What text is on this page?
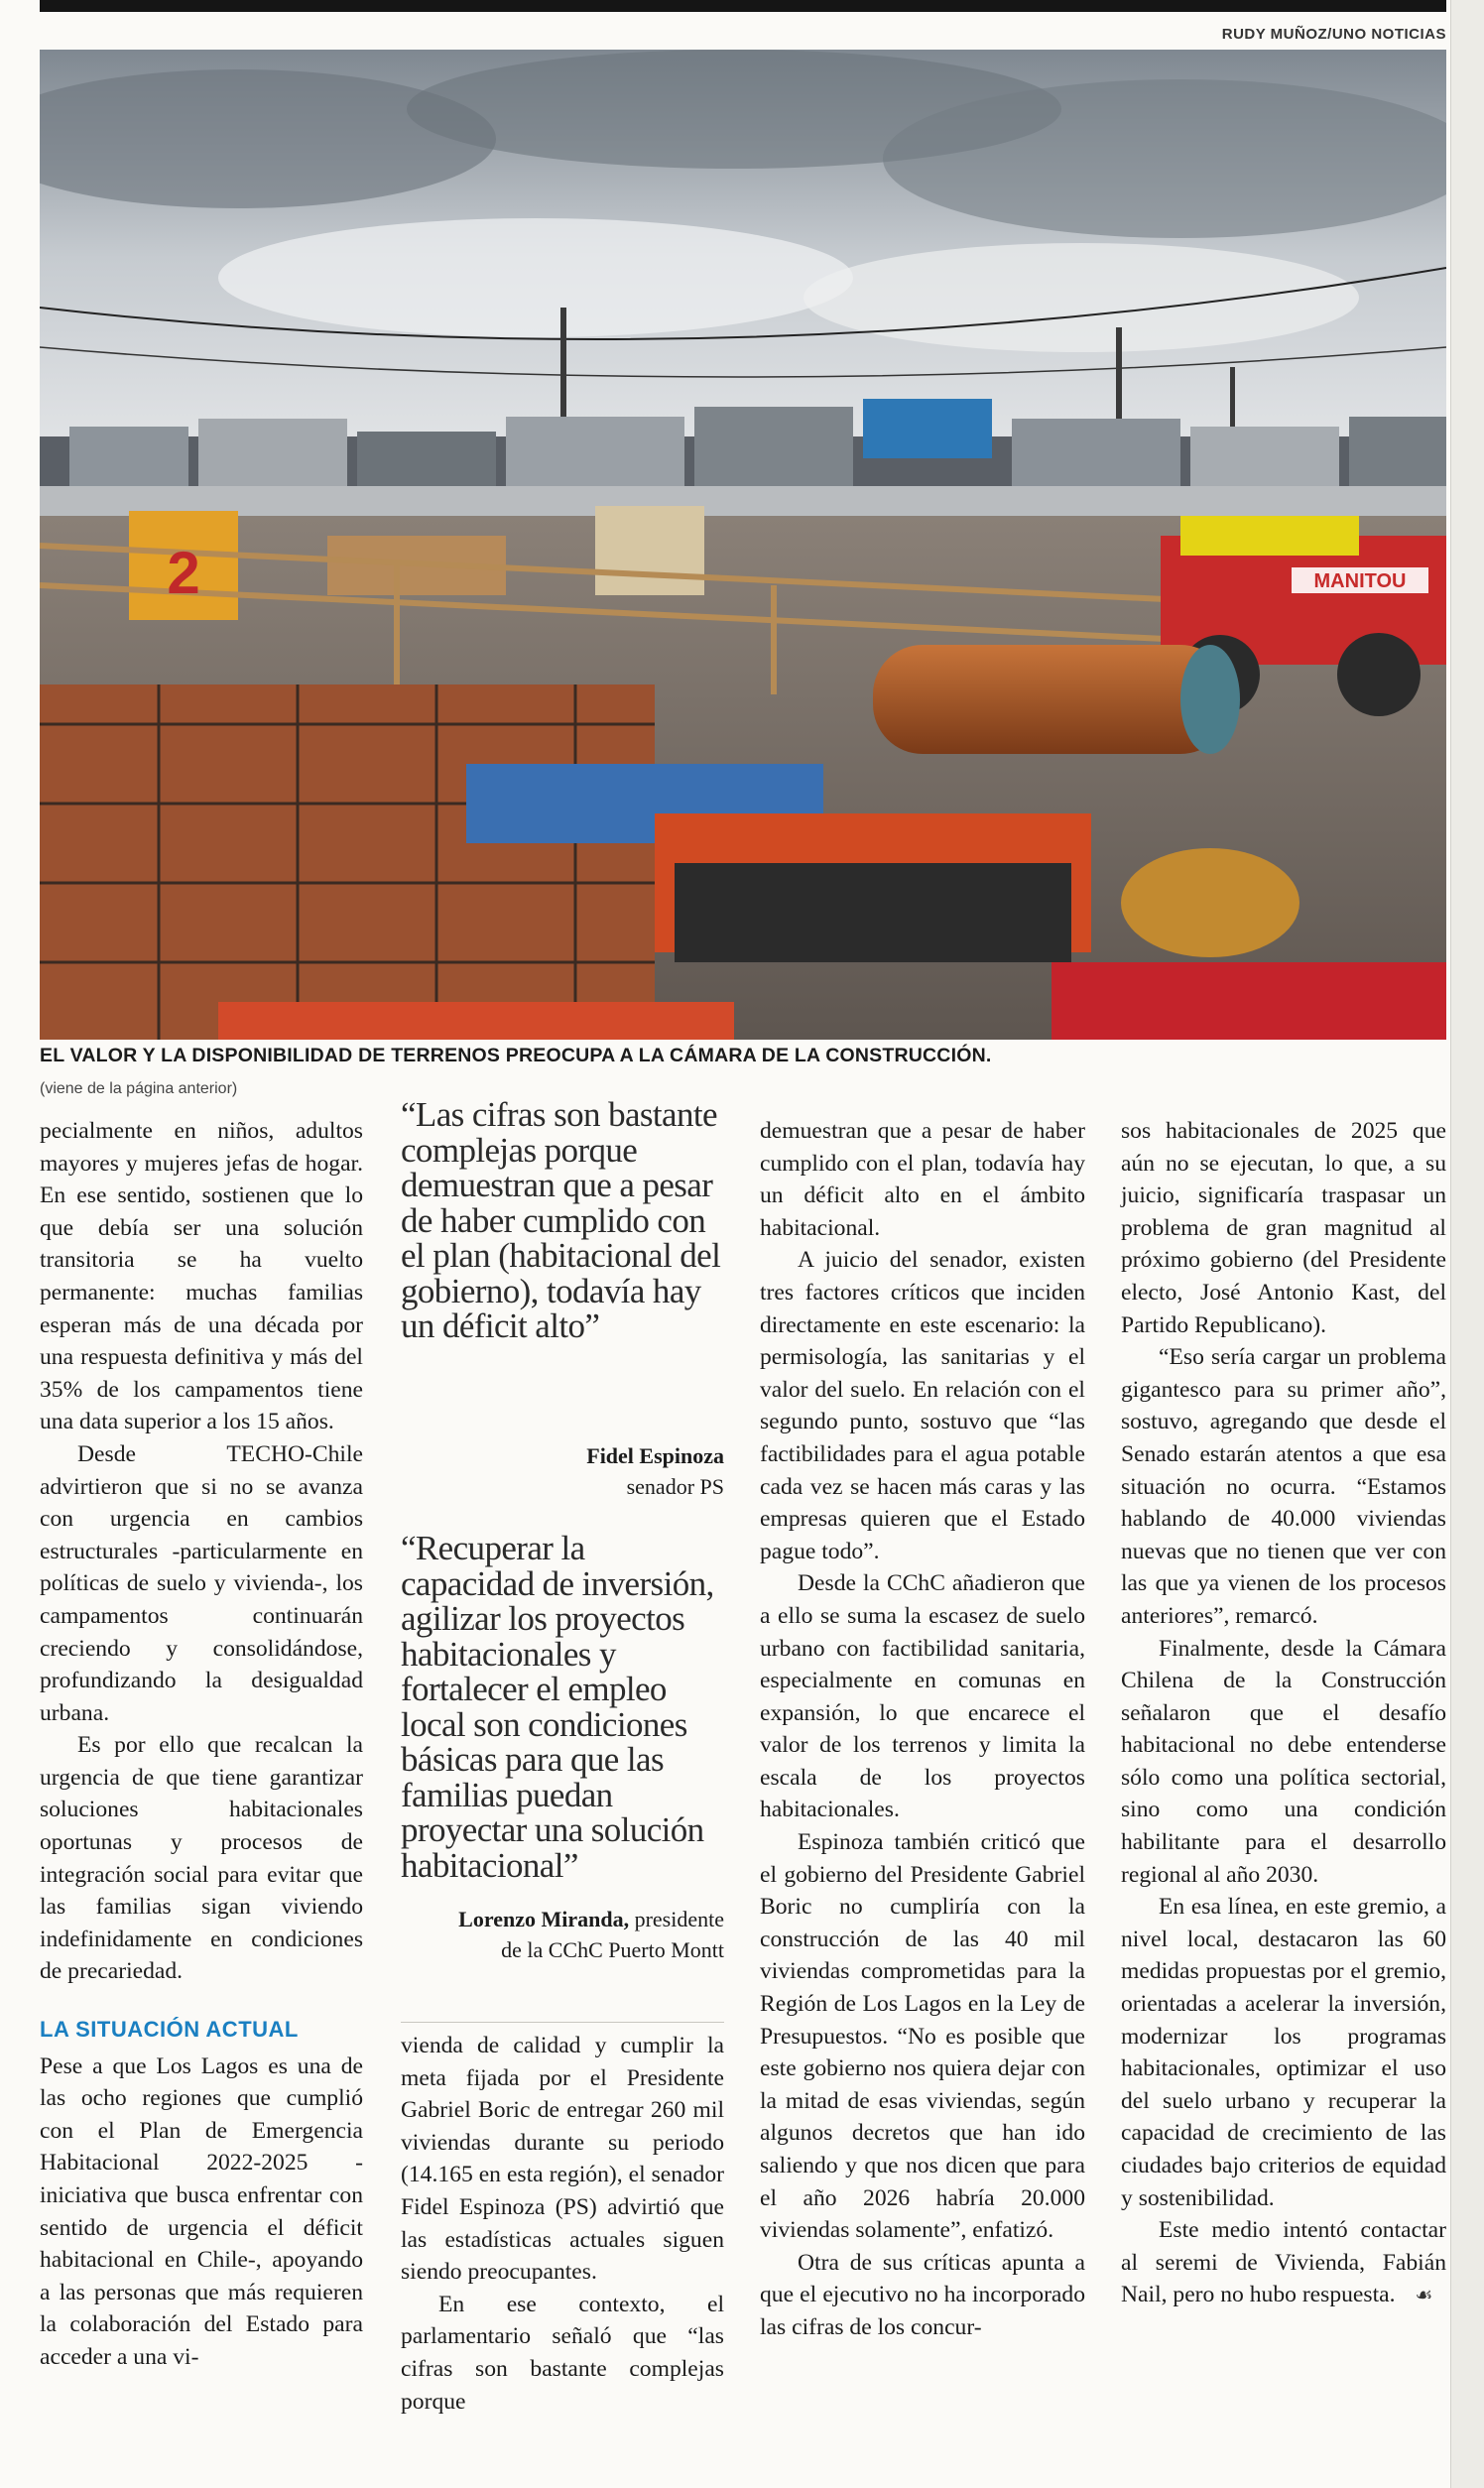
RUDY MUÑOZ/UNO NOTICIAS
MANITOU
2
EL VALOR Y LA DISPONIBILIDAD DE TERRENOS PREOCUPA A LA CÁMARA DE LA CONSTRUCCIÓN.
(viene de la página anterior)

pecialmente en niños, adultos mayores y mujeres jefas de hogar. En ese sentido, sostienen que lo que debía ser una solución transitoria se ha vuelto permanente: muchas familias esperan más de una década por una respuesta definitiva y más del 35% de los campamentos tiene una data superior a los 15 años.

Desde TECHO-Chile advirtieron que si no se avanza con urgencia en cambios estructurales -particularmente en políticas de suelo y vivienda-, los campamentos continuarán creciendo y consolidándose, profundizando la desigualdad urbana.

Es por ello que recalcan la urgencia de que tiene garantizar soluciones habitacionales oportunas y procesos de integración social para evitar que las familias sigan viviendo indefinidamente en condiciones de precariedad.

LA SITUACIÓN ACTUAL

Pese a que Los Lagos es una de las ocho regiones que cumplió con el Plan de Emergencia Habitacional 2022-2025 -iniciativa que busca enfrentar con sentido de urgencia el déficit habitacional en Chile-, apoyando a las personas que más requieren la colaboración del Estado para acceder a una vi-

“Las cifras son bastante complejas porque demuestran que a pesar de haber cumplido con el plan (habitacional del gobierno), todavía hay un déficit alto”
Fidel Espinoza
senador PS
“Recuperar la capacidad de inversión, agilizar los proyectos habitacionales y fortalecer el empleo local son condiciones básicas para que las familias puedan proyectar una solución habitacional”
Lorenzo Miranda, presidente
de la CChC Puerto Montt

vienda de calidad y cumplir la meta fijada por el Presidente Gabriel Boric de entregar 260 mil viviendas durante su periodo (14.165 en esta región), el senador Fidel Espinoza (PS) advirtió que las estadísticas actuales siguen siendo preocupantes.

En ese contexto, el parlamentario señaló que “las cifras son bastante complejas porque

demuestran que a pesar de haber cumplido con el plan, todavía hay un déficit alto en el ámbito habitacional.

A juicio del senador, existen tres factores críticos que inciden directamente en este escenario: la permisología, las sanitarias y el valor del suelo. En relación con el segundo punto, sostuvo que “las factibilidades para el agua potable cada vez se hacen más caras y las empresas quieren que el Estado pague todo”.

Desde la CChC añadieron que a ello se suma la escasez de suelo urbano con factibilidad sanitaria, especialmente en comunas en expansión, lo que encarece el valor de los terrenos y limita la escala de los proyectos habitacionales.

Espinoza también criticó que el gobierno del Presidente Gabriel Boric no cumpliría con la construcción de las 40 mil viviendas comprometidas para la Región de Los Lagos en la Ley de Presupuestos. “No es posible que este gobierno nos quiera dejar con la mitad de esas viviendas, según algunos decretos que han ido saliendo y que nos dicen que para el año 2026 habría 20.000 viviendas solamente”, enfatizó.

Otra de sus críticas apunta a que el ejecutivo no ha incorporado las cifras de los concur-

sos habitacionales de 2025 que aún no se ejecutan, lo que, a su juicio, significaría traspasar un problema de gran magnitud al próximo gobierno (del Presidente electo, José Antonio Kast, del Partido Republicano).

“Eso sería cargar un problema gigantesco para su primer año”, sostuvo, agregando que desde el Senado estarán atentos a que esa situación no ocurra. “Estamos hablando de 40.000 viviendas nuevas que no tienen que ver con las que ya vienen de los procesos anteriores”, remarcó.

Finalmente, desde la Cámara Chilena de la Construcción señalaron que el desafío habitacional no debe entenderse sólo como una política sectorial, sino como una condición habilitante para el desarrollo regional al año 2030.

En esa línea, en este gremio, a nivel local, destacaron las 60 medidas propuestas por el gremio, orientadas a acelerar la inversión, modernizar los programas habitacionales, optimizar el uso del suelo urbano y recuperar la capacidad de crecimiento de las ciudades bajo criterios de equidad y sostenibilidad.

Este medio intentó contactar al seremi de Vivienda, Fabián Nail, pero no hubo respuesta. ☙
